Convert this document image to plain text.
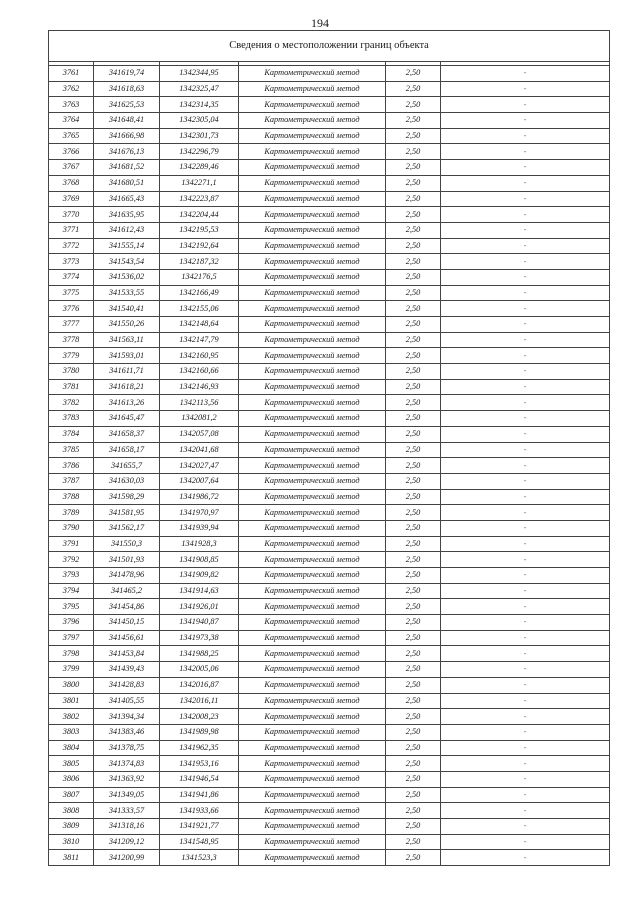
194
Сведения о местоположении границ объекта					

3761	341619,74	1342344,95	Картометрический метод	2,50	-
3762	341618,63	1342325,47	Картометрический метод	2,50	-
3763	341625,53	1342314,35	Картометрический метод	2,50	-
3764	341648,41	1342305,04	Картометрический метод	2,50	-
3765	341666,98	1342301,73	Картометрический метод	2,50	-
3766	341676,13	1342296,79	Картометрический метод	2,50	-
3767	341681,52	1342289,46	Картометрический метод	2,50	-
3768	341680,51	1342271,1	Картометрический метод	2,50	-
3769	341665,43	1342223,87	Картометрический метод	2,50	-
3770	341635,95	1342204,44	Картометрический метод	2,50	-
3771	341612,43	1342195,53	Картометрический метод	2,50	-
3772	341555,14	1342192,64	Картометрический метод	2,50	-
3773	341543,54	1342187,32	Картометрический метод	2,50	-
3774	341536,02	1342176,5	Картометрический метод	2,50	-
3775	341533,55	1342166,49	Картометрический метод	2,50	-
3776	341540,41	1342155,06	Картометрический метод	2,50	-
3777	341550,26	1342148,64	Картометрический метод	2,50	-
3778	341563,11	1342147,79	Картометрический метод	2,50	-
3779	341593,01	1342160,95	Картометрический метод	2,50	-
3780	341611,71	1342160,66	Картометрический метод	2,50	-
3781	341618,21	1342146,93	Картометрический метод	2,50	-
3782	341613,26	1342113,56	Картометрический метод	2,50	-
3783	341645,47	1342081,2	Картометрический метод	2,50	-
3784	341658,37	1342057,08	Картометрический метод	2,50	-
3785	341658,17	1342041,68	Картометрический метод	2,50	-
3786	341655,7	1342027,47	Картометрический метод	2,50	-
3787	341630,03	1342007,64	Картометрический метод	2,50	-
3788	341598,29	1341986,72	Картометрический метод	2,50	-
3789	341581,95	1341970,97	Картометрический метод	2,50	-
3790	341562,17	1341939,94	Картометрический метод	2,50	-
3791	341550,3	1341928,3	Картометрический метод	2,50	-
3792	341501,93	1341908,85	Картометрический метод	2,50	-
3793	341478,96	1341909,82	Картометрический метод	2,50	-
3794	341465,2	1341914,63	Картометрический метод	2,50	-
3795	341454,86	1341926,01	Картометрический метод	2,50	-
3796	341450,15	1341940,87	Картометрический метод	2,50	-
3797	341456,61	1341973,38	Картометрический метод	2,50	-
3798	341453,84	1341988,25	Картометрический метод	2,50	-
3799	341439,43	1342005,06	Картометрический метод	2,50	-
3800	341428,83	1342016,87	Картометрический метод	2,50	-
3801	341405,55	1342016,11	Картометрический метод	2,50	-
3802	341394,34	1342008,23	Картометрический метод	2,50	-
3803	341383,46	1341989,98	Картометрический метод	2,50	-
3804	341378,75	1341962,35	Картометрический метод	2,50	-
3805	341374,83	1341953,16	Картометрический метод	2,50	-
3806	341363,92	1341946,54	Картометрический метод	2,50	-
3807	341349,05	1341941,86	Картометрический метод	2,50	-
3808	341333,57	1341933,66	Картометрический метод	2,50	-
3809	341318,16	1341921,77	Картометрический метод	2,50	-
3810	341209,12	1341548,95	Картометрический метод	2,50	-
3811	341200,99	1341523,3	Картометрический метод	2,50	-
